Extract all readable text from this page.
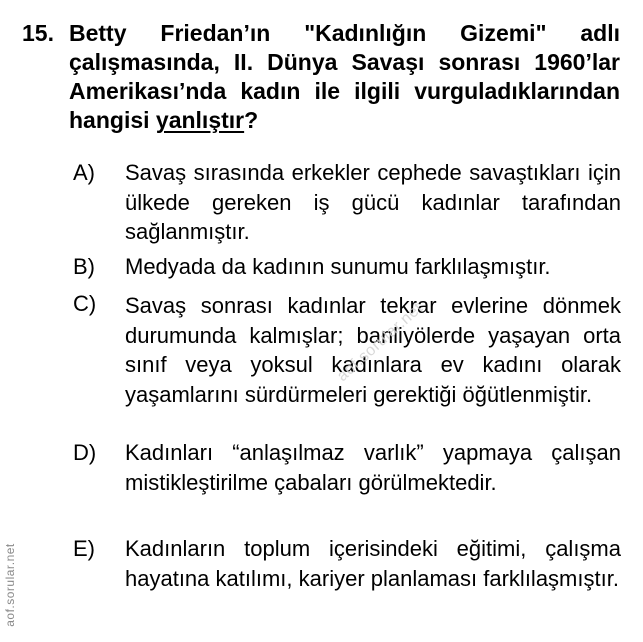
15. Betty Friedan’ın "Kadınlığın Gizemi" adlı çalışmasında, II. Dünya Savaşı sonrası 1960’lar Amerikası’nda kadın ile ilgili vurguladıklarından hangisi yanlıştır?
A) Savaş sırasında erkekler cephede savaştıkları için ülkede gereken iş gücü kadınlar tarafından sağlanmıştır.
B) Medyada da kadının sunumu farklılaşmıştır.
C) Savaş sonrası kadınlar tekrar evlerine dönmek durumunda kalmışlar; banliyölerde yaşayan orta sınıf veya yoksul kadınlara ev kadını olarak yaşamlarını sürdürmeleri gerektiği öğütlenmiştir.
D) Kadınları “anlaşılmaz varlık” yapmaya çalışan mistikleştirilme çabaları görülmektedir.
E) Kadınların toplum içerisindeki eğitimi, çalışma hayatına katılımı, kariyer planlaması farklılaşmıştır.
aof.sorular.net
aof.sorular.net
